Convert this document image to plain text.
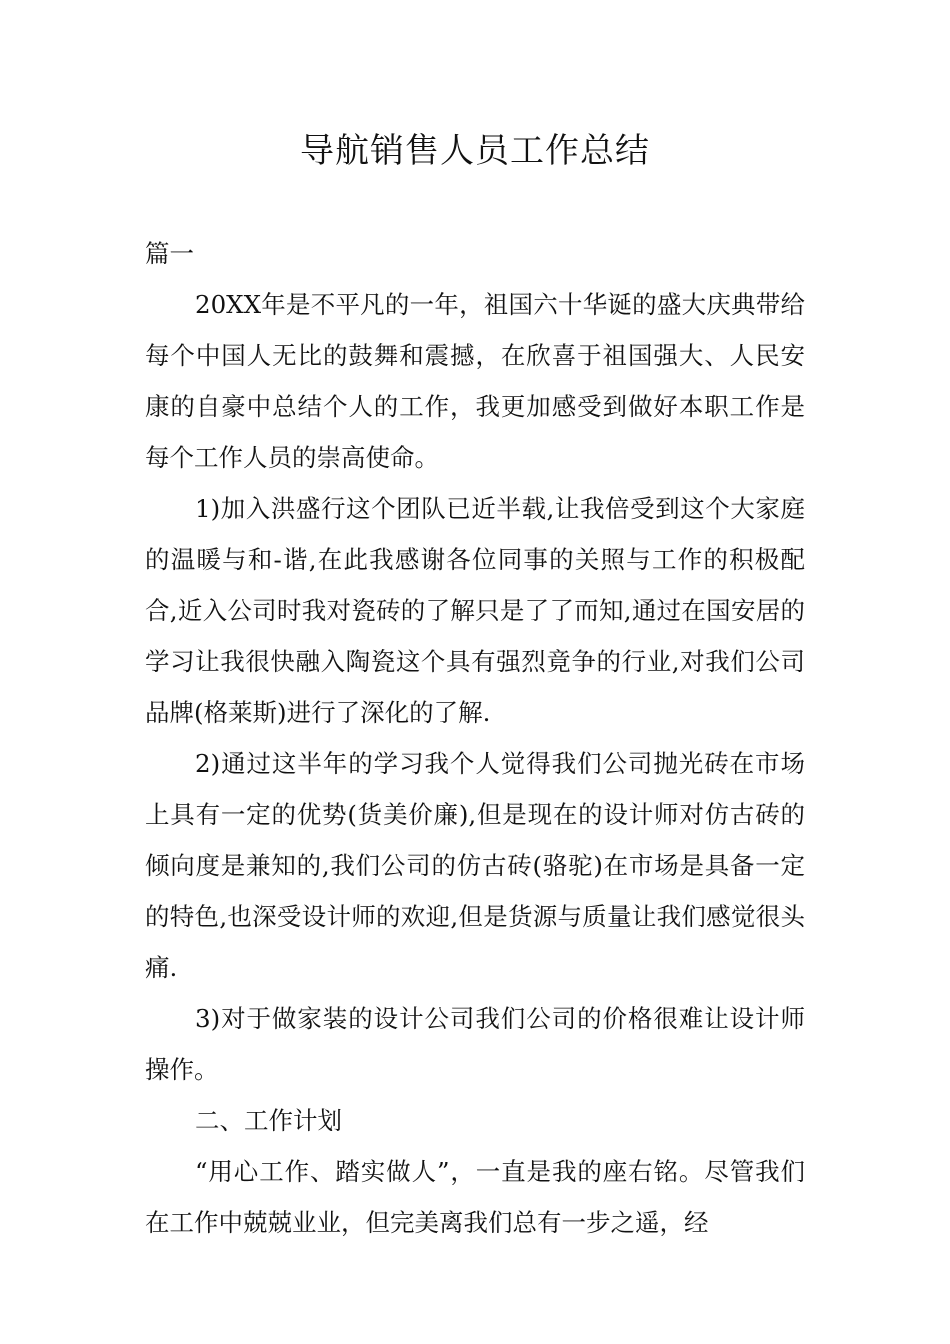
导航销售人员工作总结

篇一

20XX年是不平凡的一年，祖国六十华诞的盛大庆典带给每个中国人无比的鼓舞和震撼，在欣喜于祖国强大、人民安康的自豪中总结个人的工作，我更加感受到做好本职工作是每个工作人员的崇高使命。

1)加入洪盛行这个团队已近半载,让我倍受到这个大家庭的温暖与和-谐,在此我感谢各位同事的关照与工作的积极配合,近入公司时我对瓷砖的了解只是了了而知,通过在国安居的学习让我很快融入陶瓷这个具有强烈竟争的行业,对我们公司品牌(格莱斯)进行了深化的了解.

2)通过这半年的学习我个人觉得我们公司抛光砖在市场上具有一定的优势(货美价廉),但是现在的设计师对仿古砖的倾向度是兼知的,我们公司的仿古砖(骆驼)在市场是具备一定的特色,也深受设计师的欢迎,但是货源与质量让我们感觉很头痛.

3)对于做家装的设计公司我们公司的价格很难让设计师操作。

二、工作计划

“用心工作、踏实做人”，一直是我的座右铭。尽管我们在工作中兢兢业业，但完美离我们总有一步之遥，经
